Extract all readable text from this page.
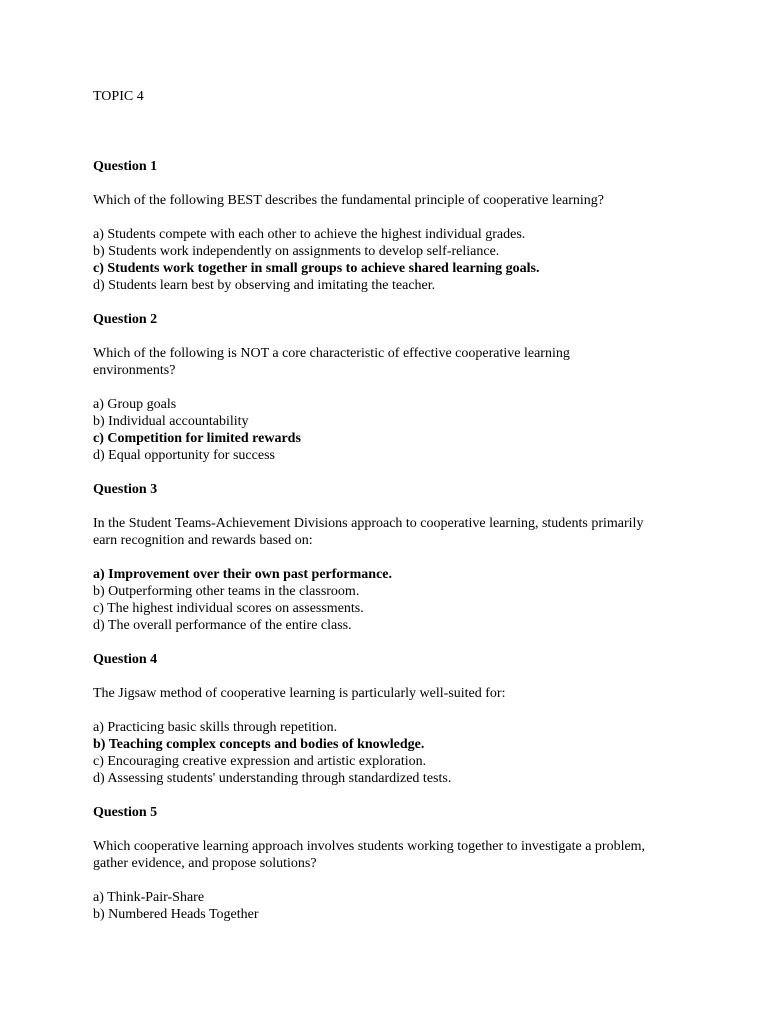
TOPIC 4

Question 1

Which of the following BEST describes the fundamental principle of cooperative learning?

a) Students compete with each other to achieve the highest individual grades.

b) Students work independently on assignments to develop self-reliance.

c) Students work together in small groups to achieve shared learning goals.

d) Students learn best by observing and imitating the teacher.

Question 2

Which of the following is NOT a core characteristic of effective cooperative learning environments?

a) Group goals

b) Individual accountability

c) Competition for limited rewards

d) Equal opportunity for success

Question 3

In the Student Teams-Achievement Divisions approach to cooperative learning, students primarily earn recognition and rewards based on:

a) Improvement over their own past performance.

b) Outperforming other teams in the classroom.

c) The highest individual scores on assessments.

d) The overall performance of the entire class.

Question 4

The Jigsaw method of cooperative learning is particularly well-suited for:

a) Practicing basic skills through repetition.

b) Teaching complex concepts and bodies of knowledge.

c) Encouraging creative expression and artistic exploration.

d) Assessing students' understanding through standardized tests.

Question 5

Which cooperative learning approach involves students working together to investigate a problem, gather evidence, and propose solutions?

a) Think-Pair-Share

b) Numbered Heads Together
